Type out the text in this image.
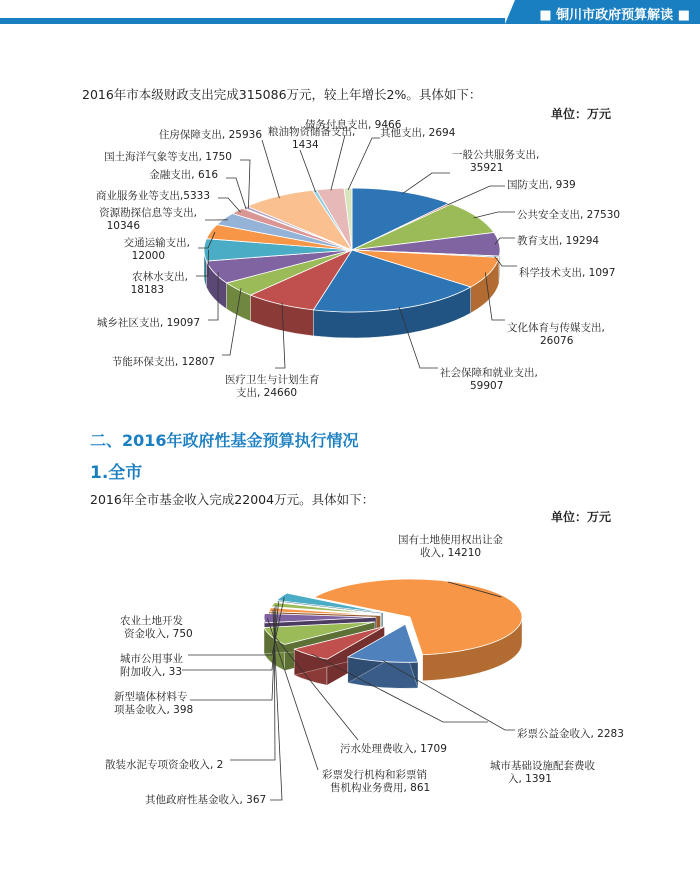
■ 铜川市政府预算解读 ■
2016年市本级财政支出完成315086万元，较上年增长2%。具体如下：
单位：万元
一般公共服务支出,
35921
国防支出, 939
公共安全支出, 27530
教育支出, 19294
科学技术支出, 1097
文化体育与传媒支出,
26076
社会保障和就业支出,
59907
医疗卫生与计划生育
支出, 24660
节能环保支出, 12807
城乡社区支出, 19097
农林水支出,
18183
交通运输支出,
12000
资源勘探信息等支出,
10346
商业服务业等支出,5333
金融支出, 616
国土海洋气象等支出, 1750
住房保障支出, 25936 粮油物资储备支出,
1434
债务付息支出, 9466
其他支出, 2694
二、2016年政府性基金预算执行情况
1.全市
2016年全市基金收入完成22004万元。具体如下：
单位：万元
国有土地使用权出让金
收入, 14210
彩票公益金收入, 2283
城市基础设施配套费收
入, 1391
污水处理费收入, 1709
彩票发行机构和彩票销
售机构业务费用, 861
其他政府性基金收入, 367
散装水泥专项资金收入, 2
新型墙体材料专
项基金收入, 398
城市公用事业
附加收入, 33
农业土地开发
资金收入, 750
